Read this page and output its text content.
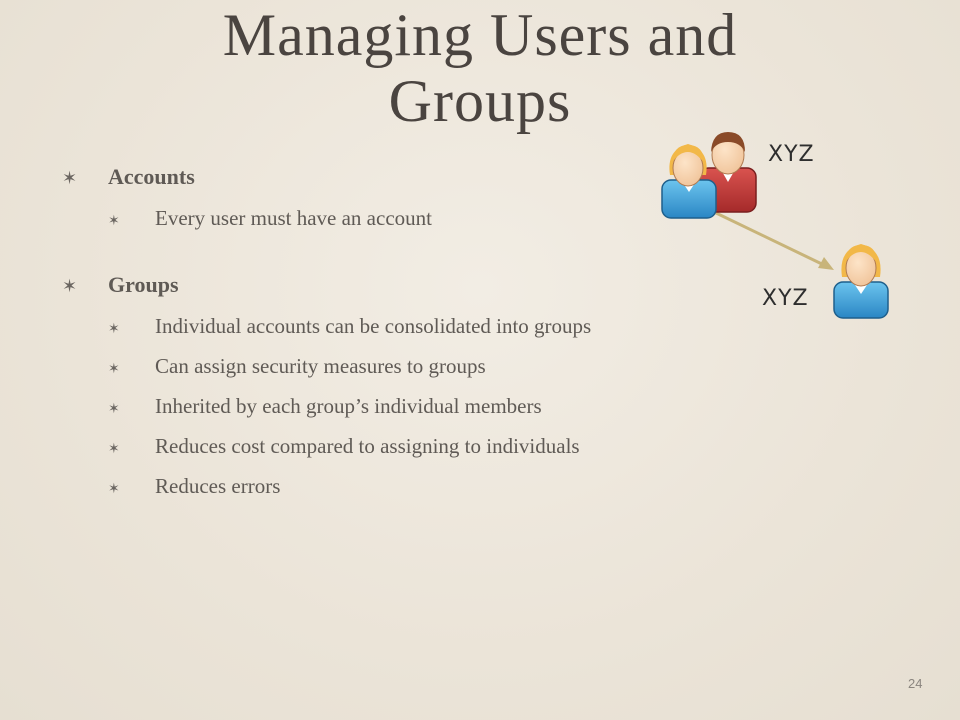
Managing Users and
Groups
✶	Accounts
✶	Every user must have an account
✶	Groups
✶	Individual accounts can be consolidated into groups
✶	Can assign security measures to groups
✶	Inherited by each group’s individual members
✶	Reduces cost compared to assigning to individuals
✶	Reduces errors
XYZ
XYZ
24
